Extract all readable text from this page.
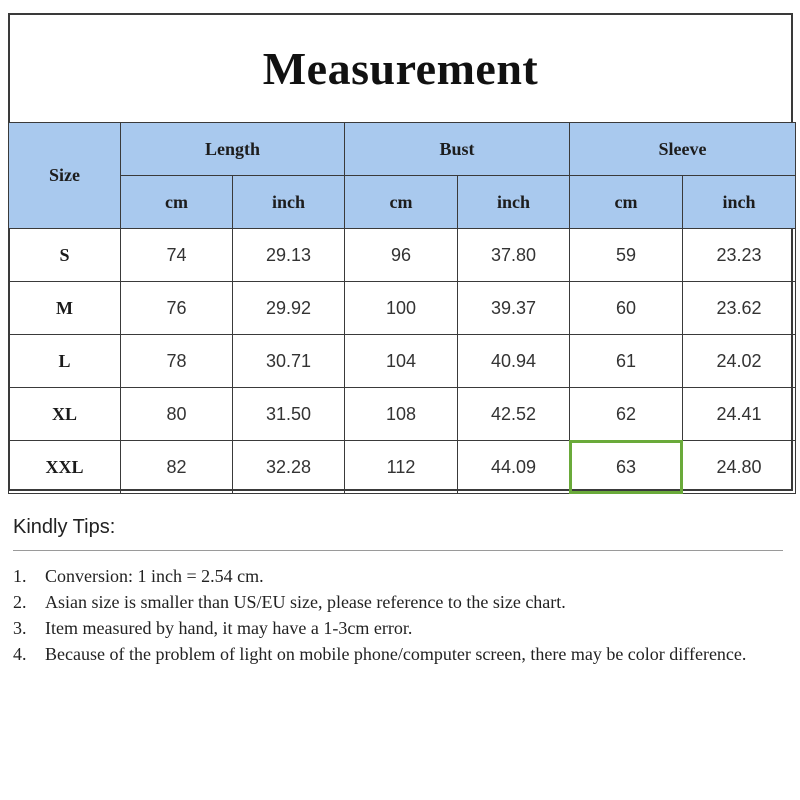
Measurement
Size	Length		Bust		Sleeve	
	cm	inch	cm	inch	cm	inch
S	74	29.13	96	37.80	59	23.23
M	76	29.92	100	39.37	60	23.62
L	78	30.71	104	40.94	61	24.02
XL	80	31.50	108	42.52	62	24.41
XXL	82	32.28	112	44.09	63	24.80
Kindly Tips:
1.	Conversion: 1 inch = 2.54 cm.
2.	Asian size is smaller than US/EU size, please reference to the size chart.
3.	Item measured by hand, it may have a 1-3cm error.
4.	Because of the problem of light on mobile phone/computer screen, there may be color difference.
